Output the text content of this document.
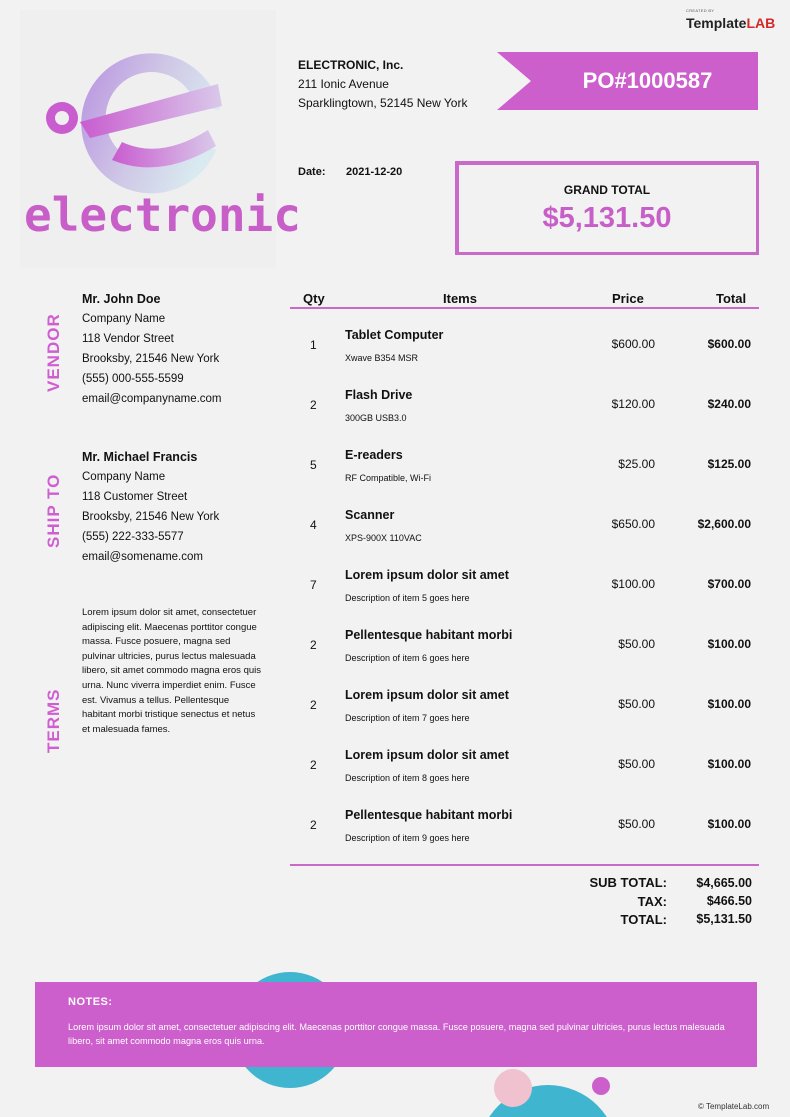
CREATED BY
TemplateLAB
electronic
ELECTRONIC, Inc.
211 Ionic Avenue
Sparklingtown, 52145 New York
PO#1000587
Date: 2021-12-20
GRAND TOTAL
$5,131.50
VENDOR
SHIP TO
TERMS
Mr. John Doe
Company Name
118 Vendor Street
Brooksby, 21546 New York
(555) 000-555-5599
email@companyname.com
Mr. Michael Francis
Company Name
118 Customer Street
Brooksby, 21546 New York
(555) 222-333-5577
email@somename.com
Lorem ipsum dolor sit amet, consectetuer adipiscing elit. Maecenas porttitor congue massa. Fusce posuere, magna sed pulvinar ultricies, purus lectus malesuada libero, sit amet commodo magna eros quis urna. Nunc viverra imperdiet enim. Fusce est. Vivamus a tellus. Pellentesque habitant morbi tristique senectus et netus et malesuada fames.
Qty	Items	Price	Total
1
Tablet Computer
Xwave B354 MSR
$600.00	$600.00
2
Flash Drive
300GB USB3.0
$120.00	$240.00
5
E-readers
RF Compatible, Wi-Fi
$25.00	$125.00
4
Scanner
XPS-900X 110VAC
$650.00	$2,600.00
7
Lorem ipsum dolor sit amet
Description of item 5 goes here
$100.00	$700.00
2
Pellentesque habitant morbi
Description of item 6 goes here
$50.00	$100.00
2
Lorem ipsum dolor sit amet
Description of item 7 goes here
$50.00	$100.00
2
Lorem ipsum dolor sit amet
Description of item 8 goes here
$50.00	$100.00
2
Pellentesque habitant morbi
Description of item 9 goes here
$50.00	$100.00
SUB TOTAL: $4,665.00
TAX:	$466.50
TOTAL: $5,131.50
NOTES:
Lorem ipsum dolor sit amet, consectetuer adipiscing elit. Maecenas porttitor congue massa. Fusce posuere, magna sed pulvinar ultricies, purus lectus malesuada libero, sit amet commodo magna eros quis urna.
© TemplateLab.com
